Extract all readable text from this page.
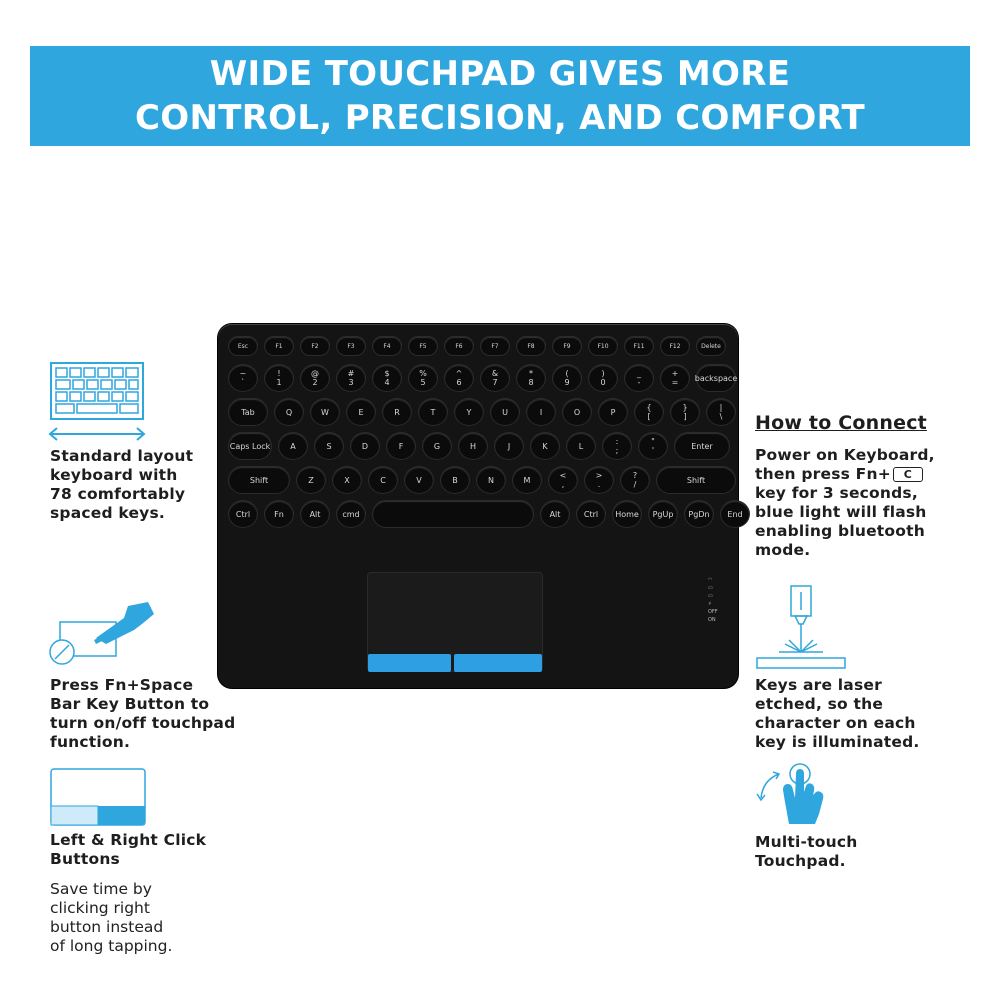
WIDE TOUCHPAD GIVES MORE
CONTROL, PRECISION, AND COMFORT
Standard layout
keyboard with
78 comfortably
spaced keys.
Press Fn+Space
Bar Key Button to
turn on/off touchpad
function.
Left & Right Click
Buttons
Save time by
clicking right
button instead
of long tapping.
How to Connect
Power on Keyboard,
then press Fn+ C
key for 3 seconds,
blue light will flash
enabling bluetooth
mode.
Keys are laser
etched, so the
character on each
key is illuminated.
Multi-touch
Touchpad.
Esc	F1	F2	F3	F4	F5	F6	F7	F8	F9	F10	F11	F12	Delete
~
`
!
1
@
2
#
3
$
4
%
5
^
6
&
7
*
8
(
9
)
0
_
-
+
= backspace
Tab	Q	W	E	R	T	Y	U	I	O	P	{
[
}
]
|
\
Caps Lock A	S	D	F	G	H	J	K	L	:
;
"
'	Enter
Shift	Z	X	C	V	B	N	M	<
,
>
.
?
/	Shift
Ctrl	Fn	Alt	cmd	Alt	Ctrl Home PgUp PgDn End
◠
▭
▭
⚡
OFF
ON
